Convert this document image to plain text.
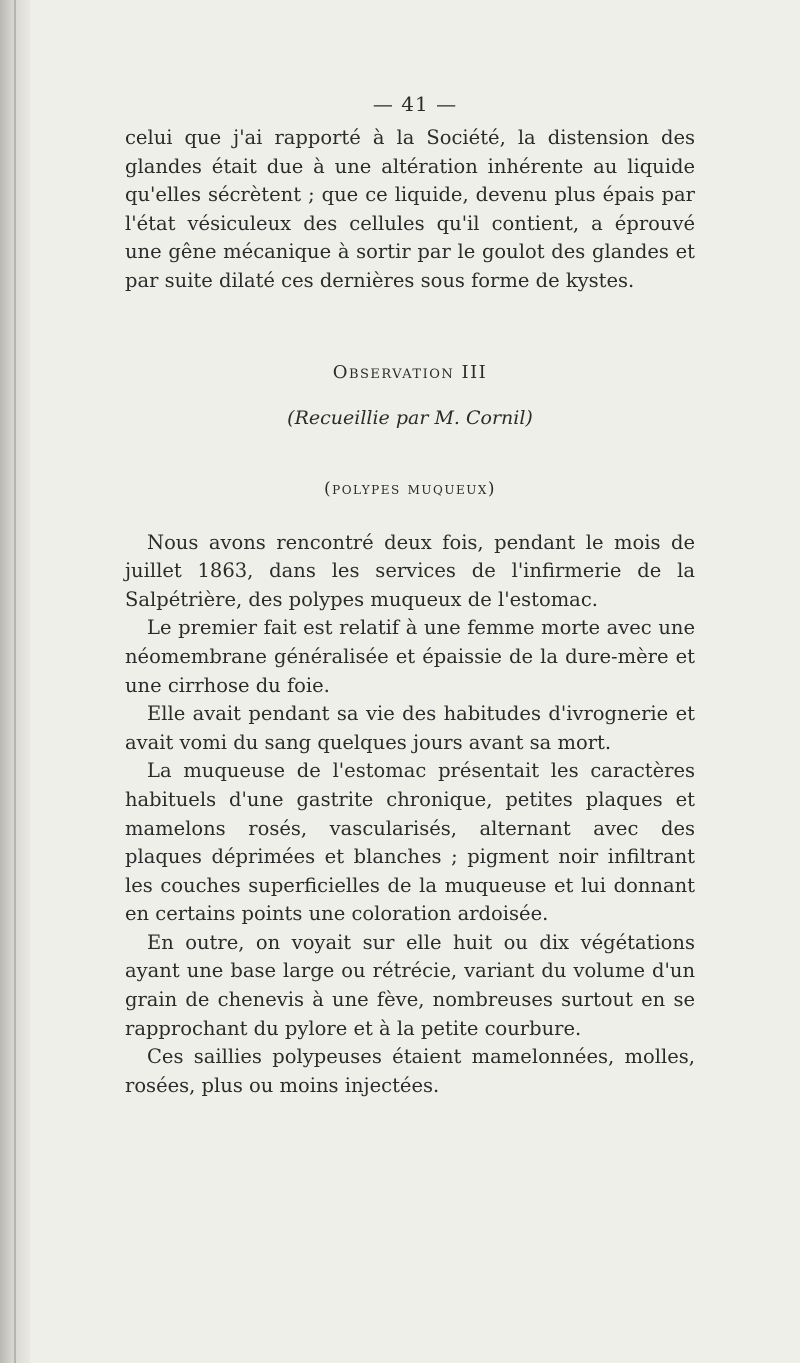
— 41 —

celui que j'ai rapporté à la Société, la distension des glandes était due à une altération inhérente au liquide qu'elles sécrètent ; que ce liquide, devenu plus épais par l'état vésiculeux des cellules qu'il contient, a éprouvé une gêne mécanique à sortir par le goulot des glandes et par suite dilaté ces dernières sous forme de kystes.

Observation III
(Recueillie par M. Cornil)
(polypes muqueux)

Nous avons rencontré deux fois, pendant le mois de juillet 1863, dans les services de l'infirmerie de la Salpétrière, des polypes muqueux de l'estomac.

Le premier fait est relatif à une femme morte avec une néomembrane généralisée et épaissie de la dure-mère et une cirrhose du foie.

Elle avait pendant sa vie des habitudes d'ivrognerie et avait vomi du sang quelques jours avant sa mort.

La muqueuse de l'estomac présentait les caractères habituels d'une gastrite chronique, petites plaques et mamelons rosés, vascularisés, alternant avec des plaques déprimées et blanches ; pigment noir infiltrant les couches superficielles de la muqueuse et lui donnant en certains points une coloration ardoisée.

En outre, on voyait sur elle huit ou dix végétations ayant une base large ou rétrécie, variant du volume d'un grain de chenevis à une fève, nombreuses surtout en se rapprochant du pylore et à la petite courbure.

Ces saillies polypeuses étaient mamelonnées, molles, rosées, plus ou moins injectées.
